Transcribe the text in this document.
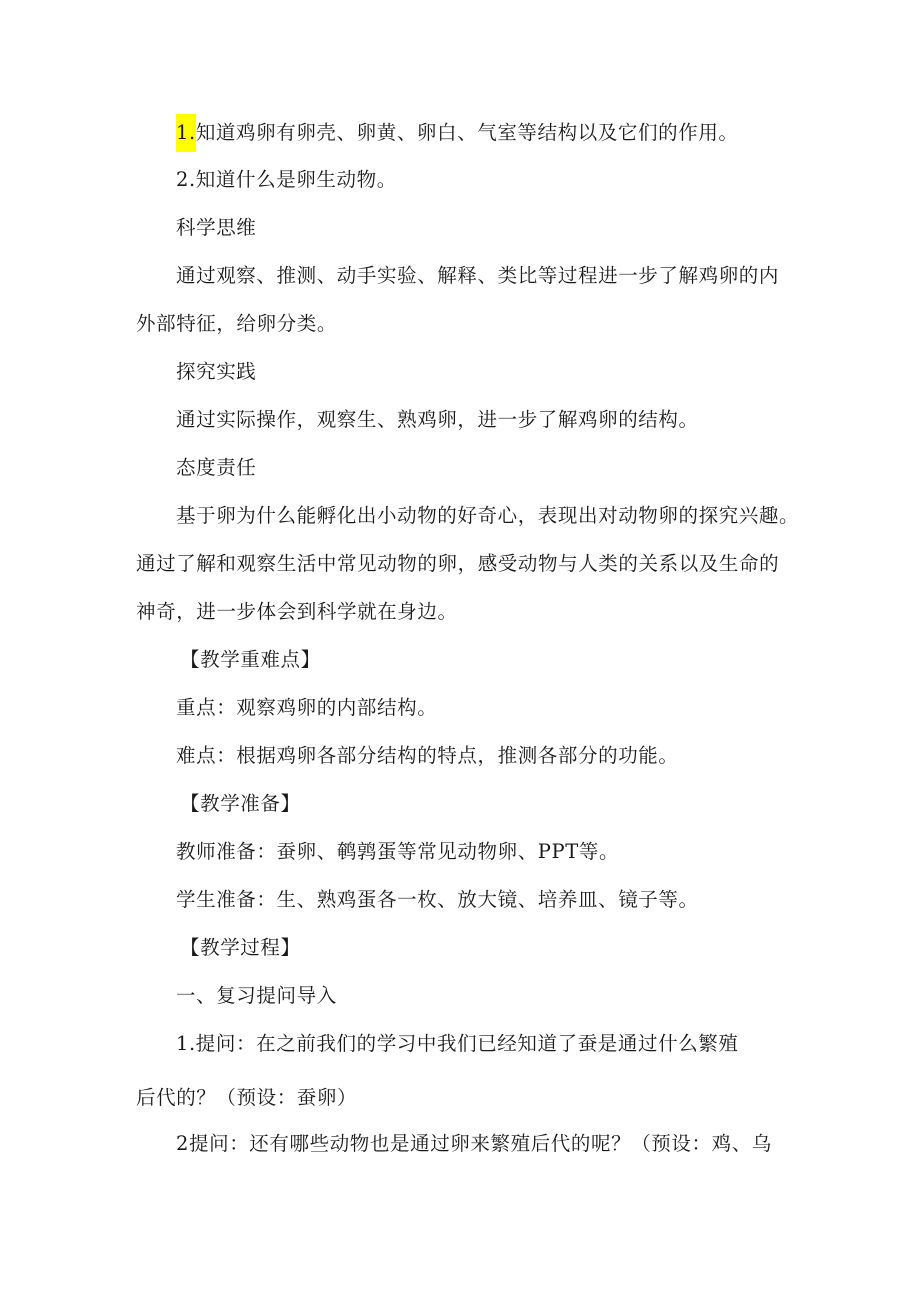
1.知道鸡卵有卵壳、卵黄、卵白、气室等结构以及它们的作用。
2.知道什么是卵生动物。
科学思维
通过观察、推测、动手实验、解释、类比等过程进一步了解鸡卵的内
外部特征，给卵分类。
探究实践
通过实际操作，观察生、熟鸡卵，进一步了解鸡卵的结构。
态度责任
基于卵为什么能孵化出小动物的好奇心，表现出对动物卵的探究兴趣。
通过了解和观察生活中常见动物的卵，感受动物与人类的关系以及生命的
神奇，进一步体会到科学就在身边。
【教学重难点】
重点：观察鸡卵的内部结构。
难点：根据鸡卵各部分结构的特点，推测各部分的功能。
【教学准备】
教师准备：蚕卵、鹌鹑蛋等常见动物卵、PPT等。
学生准备：生、熟鸡蛋各一枚、放大镜、培养皿、镜子等。
【教学过程】
一、复习提问导入
1.提问：在之前我们的学习中我们已经知道了蚕是通过什么繁殖
后代的？（预设：蚕卵）
2提问：还有哪些动物也是通过卵来繁殖后代的呢？（预设：鸡、乌
